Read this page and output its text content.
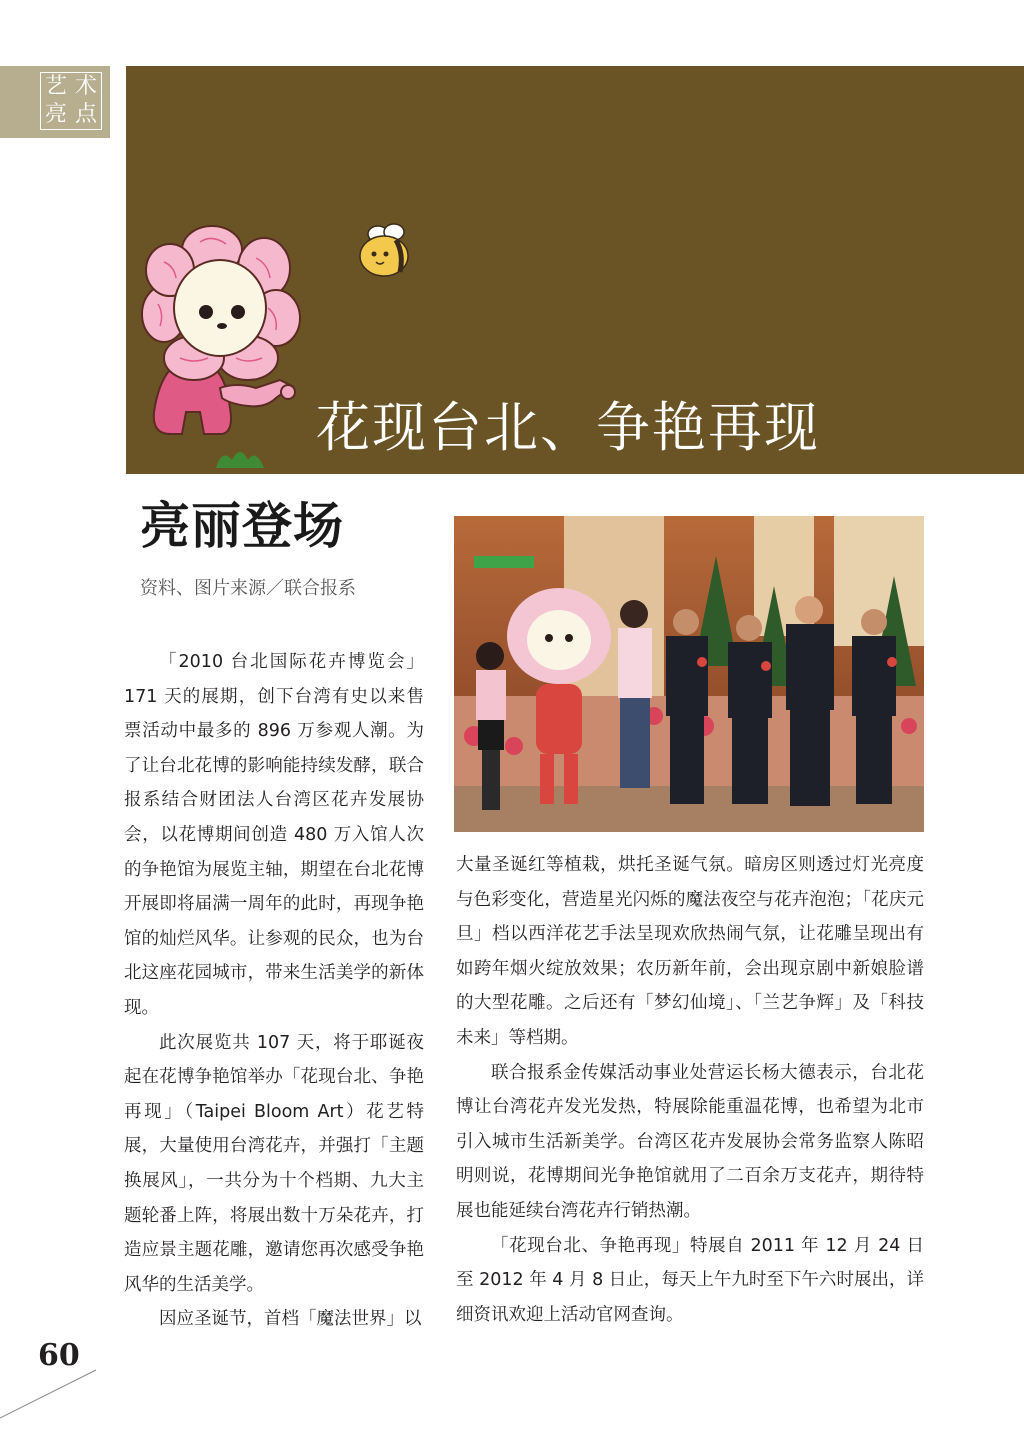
艺 术
亮 点
花现台北、争艳再现
亮丽登场
资料、图片来源／联合报系

「2010 台北国际花卉博览会」171 天的展期，创下台湾有史以来售票活动中最多的 896 万参观人潮。为了让台北花博的影响能持续发酵，联合报系结合财团法人台湾区花卉发展协会，以花博期间创造 480 万入馆人次的争艳馆为展览主轴，期望在台北花博开展即将届满一周年的此时，再现争艳馆的灿烂风华。让参观的民众，也为台北这座花园城市，带来生活美学的新体现。

此次展览共 107 天，将于耶诞夜起在花博争艳馆举办「花现台北、争艳再现」（Taipei Bloom Art）花艺特展，大量使用台湾花卉，并强打「主题换展风」，一共分为十个档期、九大主题轮番上阵，将展出数十万朵花卉，打造应景主题花雕，邀请您再次感受争艳风华的生活美学。

因应圣诞节，首档「魔法世界」以

大量圣诞红等植栽，烘托圣诞气氛。暗房区则透过灯光亮度与色彩变化，营造星光闪烁的魔法夜空与花卉泡泡；「花庆元旦」档以西洋花艺手法呈现欢欣热闹气氛，让花雕呈现出有如跨年烟火绽放效果；农历新年前，会出现京剧中新娘脸谱的大型花雕。之后还有「梦幻仙境」、「兰艺争辉」及「科技未来」等档期。

联合报系金传媒活动事业处营运长杨大德表示，台北花博让台湾花卉发光发热，特展除能重温花博，也希望为北市引入城市生活新美学。台湾区花卉发展协会常务监察人陈昭明则说，花博期间光争艳馆就用了二百余万支花卉，期待特展也能延续台湾花卉行销热潮。

「花现台北、争艳再现」特展自 2011 年 12 月 24 日至 2012 年 4 月 8 日止，每天上午九时至下午六时展出，详细资讯欢迎上活动官网查询。

60
